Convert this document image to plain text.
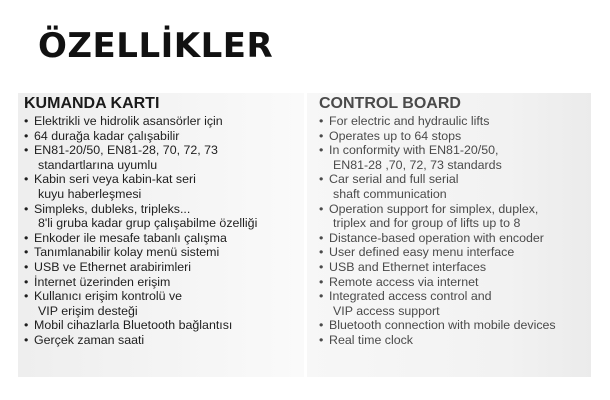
ÖZELLİKLER
KUMANDA KARTI
• Elektrikli ve hidrolik asansörler için
• 64 durağa kadar çalışabilir
• EN81-20/50, EN81-28, 70, 72, 73
standartlarına uyumlu
• Kabin seri veya kabin-kat seri
kuyu haberleşmesi
• Simpleks, dubleks, tripleks...
8'li gruba kadar grup çalışabilme özelliği
• Enkoder ile mesafe tabanlı çalışma
• Tanımlanabilir kolay menü sistemi
• USB ve Ethernet arabirimleri
• İnternet üzerinden erişim
• Kullanıcı erişim kontrolü ve
VIP erişim desteği
• Mobil cihazlarla Bluetooth bağlantısı
• Gerçek zaman saati
CONTROL BOARD
• For electric and hydraulic lifts
• Operates up to 64 stops
• In conformity with EN81-20/50,
EN81-28 ,70, 72, 73 standards
• Car serial and full serial
shaft communication
• Operation support for simplex, duplex,
triplex and for group of lifts up to 8
• Distance-based operation with encoder
• User defined easy menu interface
• USB and Ethernet interfaces
• Remote access via internet
• Integrated access control and
VIP access support
• Bluetooth connection with mobile devices
• Real time clock
